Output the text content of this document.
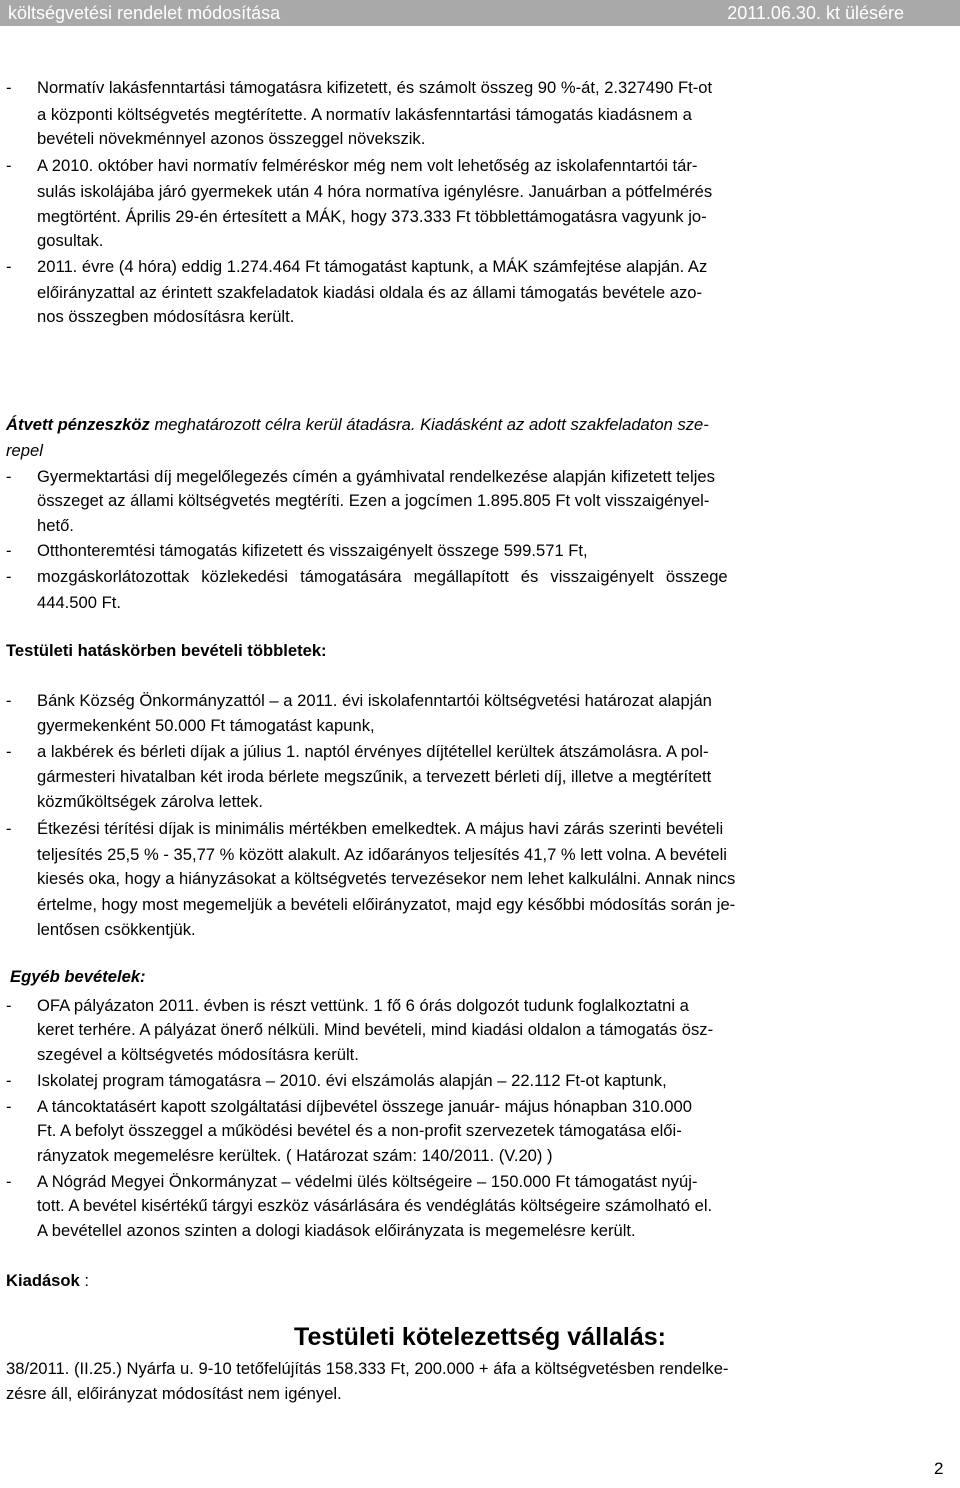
költségvetési rendelet módosítása	2011.06.30. kt ülésére
- Normatív lakásfenntartási támogatásra kifizetett, és számolt összeg 90 %-át, 2.327490 Ft-ot
a központi költségvetés megtérítette. A normatív lakásfenntartási támogatás kiadásnem a
bevételi növekménnyel azonos összeggel növekszik.
- A 2010. október havi normatív felméréskor még nem volt lehetőség az iskolafenntartói tár-
sulás iskolájába járó gyermekek után 4 hóra normatíva igénylésre. Januárban a pótfelmérés
megtörtént. Április 29-én értesített a MÁK, hogy 373.333 Ft többlettámogatásra vagyunk jo-
gosultak.
- 2011. évre (4 hóra) eddig 1.274.464 Ft támogatást kaptunk, a MÁK számfejtése alapján. Az
előirányzattal az érintett szakfeladatok kiadási oldala és az állami támogatás bevétele azo-
nos összegben módosításra került.
Átvett pénzeszköz meghatározott célra kerül átadásra. Kiadásként az adott szakfeladaton sze-
repel
- Gyermektartási díj megelőlegezés címén a gyámhivatal rendelkezése alapján kifizetett teljes
összeget az állami költségvetés megtéríti. Ezen a jogcímen 1.895.805 Ft volt visszaigényel-
hető.
- Otthonteremtési támogatás kifizetett és visszaigényelt összege 599.571 Ft,
- mozgáskorlátozottak közlekedési támogatására megállapított és visszaigényelt összege
444.500 Ft.
Testületi hatáskörben bevételi többletek:
- Bánk Község Önkormányzattól – a 2011. évi iskolafenntartói költségvetési határozat alapján
gyermekenként 50.000 Ft támogatást kapunk,
- a lakbérek és bérleti díjak a július 1. naptól érvényes díjtétellel kerültek átszámolásra. A pol-
gármesteri hivatalban két iroda bérlete megszűnik, a tervezett bérleti díj, illetve a megtérített
közműköltségek zárolva lettek.
- Étkezési térítési díjak is minimális mértékben emelkedtek. A május havi zárás szerinti bevételi
teljesítés 25,5 % - 35,77 % között alakult. Az időarányos teljesítés 41,7 % lett volna. A bevételi
kiesés oka, hogy a hiányzásokat a költségvetés tervezésekor nem lehet kalkulálni. Annak nincs
értelme, hogy most megemeljük a bevételi előirányzatot, majd egy későbbi módosítás során je-
lentősen csökkentjük.
Egyéb bevételek:
- OFA pályázaton 2011. évben is részt vettünk. 1 fő 6 órás dolgozót tudunk foglalkoztatni a
keret terhére. A pályázat önerő nélküli. Mind bevételi, mind kiadási oldalon a támogatás ösz-
szegével a költségvetés módosításra került.
- Iskolatej program támogatásra – 2010. évi elszámolás alapján – 22.112 Ft-ot kaptunk,
- A táncoktatásért kapott szolgáltatási díjbevétel összege január- május hónapban 310.000
Ft. A befolyt összeggel a működési bevétel és a non-profit szervezetek támogatása elői-
rányzatok megemelésre kerültek. ( Határozat szám: 140/2011. (V.20) )
- A Nógrád Megyei Önkormányzat – védelmi ülés költségeire – 150.000 Ft támogatást nyúj-
tott. A bevétel kisértékű tárgyi eszköz vásárlására és vendéglátás költségeire számolható el.
A bevétellel azonos szinten a dologi kiadások előirányzata is megemelésre került.
Kiadások :
Testületi kötelezettség vállalás:
38/2011. (II.25.) Nyárfa u. 9-10 tetőfelújítás 158.333 Ft, 200.000 + áfa a költségvetésben rendelke-
zésre áll, előirányzat módosítást nem igényel.
2
